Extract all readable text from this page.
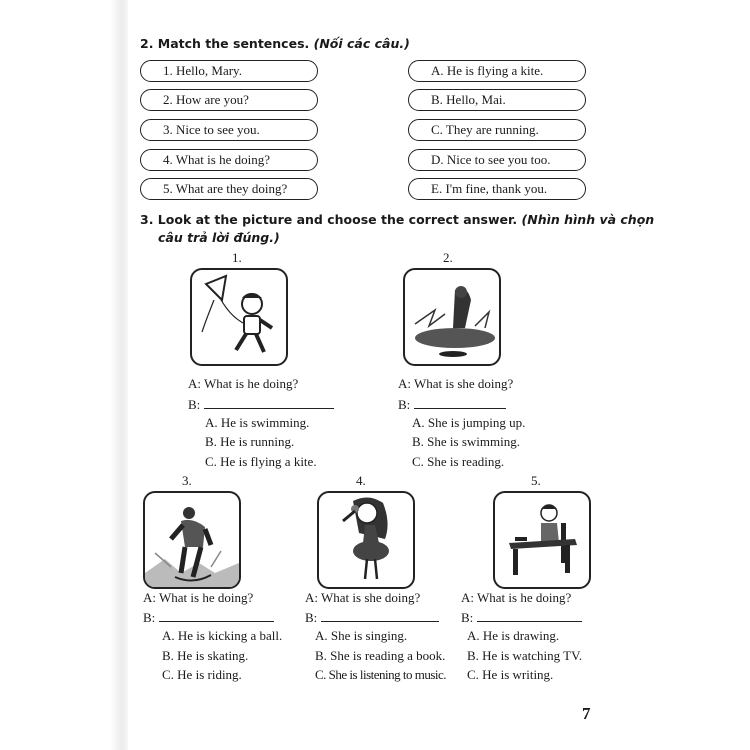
2. Match the sentences. (Nối các câu.)
1. Hello, Mary.
2. How are you?
3. Nice to see you.
4. What is he doing?
5. What are they doing?
A. He is flying a kite.
B. Hello, Mai.
C. They are running.
D. Nice to see you too.
E. I'm fine, thank you.
3. Look at the picture and choose the correct answer. (Nhìn hình và chọn
câu trả lời đúng.)
1.
A: What is he doing?
B:
A. He is swimming.
B. He is running.
C. He is flying a kite.
2.
A: What is she doing?
B:
A. She is jumping up.
B. She is swimming.
C. She is reading.
3.
A: What is he doing?
B:
A. He is kicking a ball.
B. He is skating.
C. He is riding.
4.
A: What is she doing?
B:
A. She is singing.
B. She is reading a book.
C. She is listening to music.
5.
A: What is he doing?
B:
A. He is drawing.
B. He is watching TV.
C. He is writing.
7
